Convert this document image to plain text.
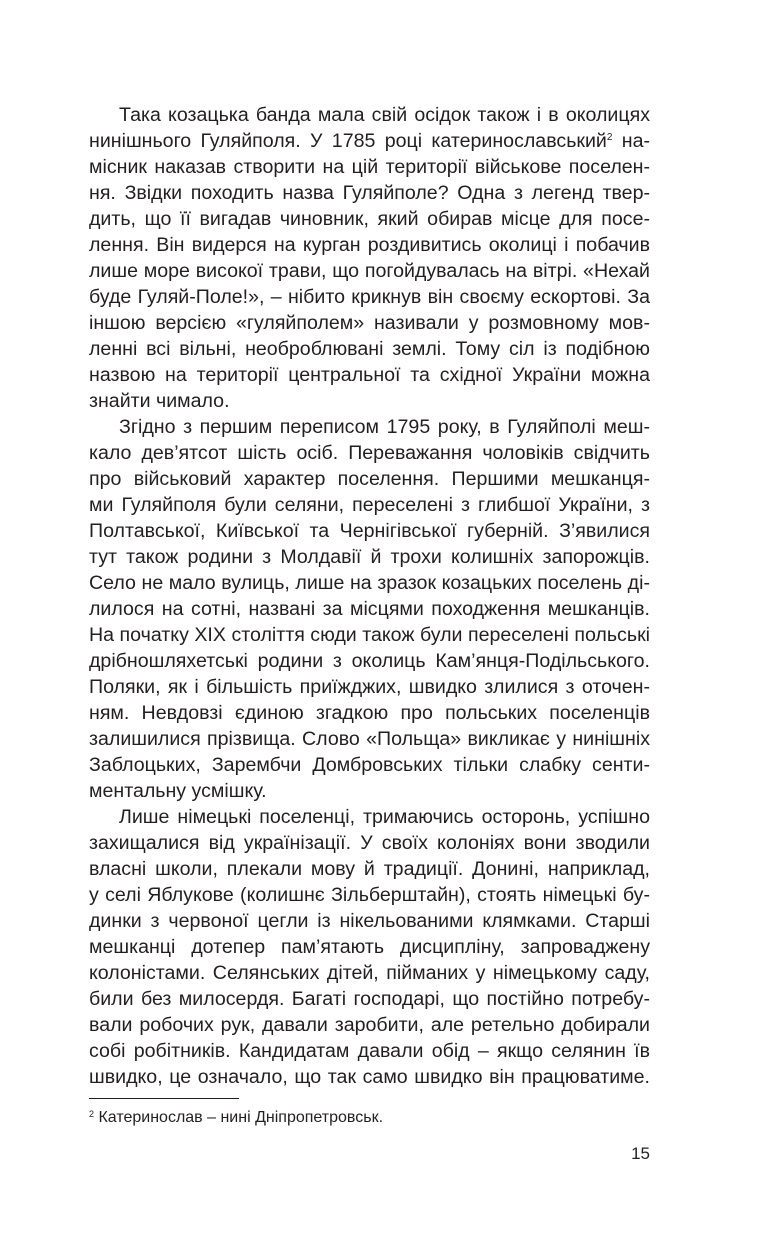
Така козацька банда мала свій осідок також і в околицях
нинішнього Гуляйполя. У 1785 році катеринославський$^2$ на-
місник наказав створити на цій території військове поселен-
ня. Звідки походить назва Гуляйполе? Одна з легенд твер-
дить, що її вигадав чиновник, який обирав місце для посе-
лення. Він видерся на курган роздивитись околиці і побачив
лише море високої трави, що погойдувалась на вітрі. «Нехай
буде Гуляй-Поле!», – нібито крикнув він своєму ескортові. За
іншою версією «гуляйполем» називали у розмовному мов-
ленні всі вільні, необроблювані землі. Тому сіл із подібною
назвою на території центральної та східної України можна
знайти чимало.
Згідно з першим переписом 1795 року, в Гуляйполі меш-
кало дев’ятсот шість осіб. Переважання чоловіків свідчить
про військовий характер поселення. Першими мешканця-
ми Гуляйполя були селяни, переселені з глибшої України, з
Полтавської, Київської та Чернігівської губерній. З’явилися
тут також родини з Молдавії й трохи колишніх запорожців.
Село не мало вулиць, лише на зразок козацьких поселень ді-
лилося на сотні, названі за місцями походження мешканців.
На початку XIX століття сюди також були переселені польські
дрібношляхетські родини з околиць Кам’янця-Подільського.
Поляки, як і більшість приїжджих, швидко злилися з оточен-
ням. Невдовзі єдиною згадкою про польських поселенців
залишилися прізвища. Слово «Польща» викликає у нинішніх
Заблоцьких, Зарембчи Домбровських тільки слабку сенти-
ментальну усмішку.
Лише німецькі поселенці, тримаючись осторонь, успішно
захищалися від українізації. У своїх колоніях вони зводили
власні школи, плекали мову й традиції. Донині, наприклад,
у селі Яблукове (колишнє Зільберштайн), стоять німецькі бу-
динки з червоної цегли із нікельованими клямками. Старші
мешканці дотепер пам’ятають дисципліну, запроваджену
колоністами. Селянських дітей, піймaних у німецькому саду,
били без милосердя. Багаті господарі, що постійно потребу-
вали робочих рук, давали заробити, але ретельно добирали
собі робітників. Кандидатам давали обід – якщо селянин їв
швидко, це означало, що так само швидко він працюватиме.
$^2$ Катеринослав – нині Дніпропетровськ.
15
